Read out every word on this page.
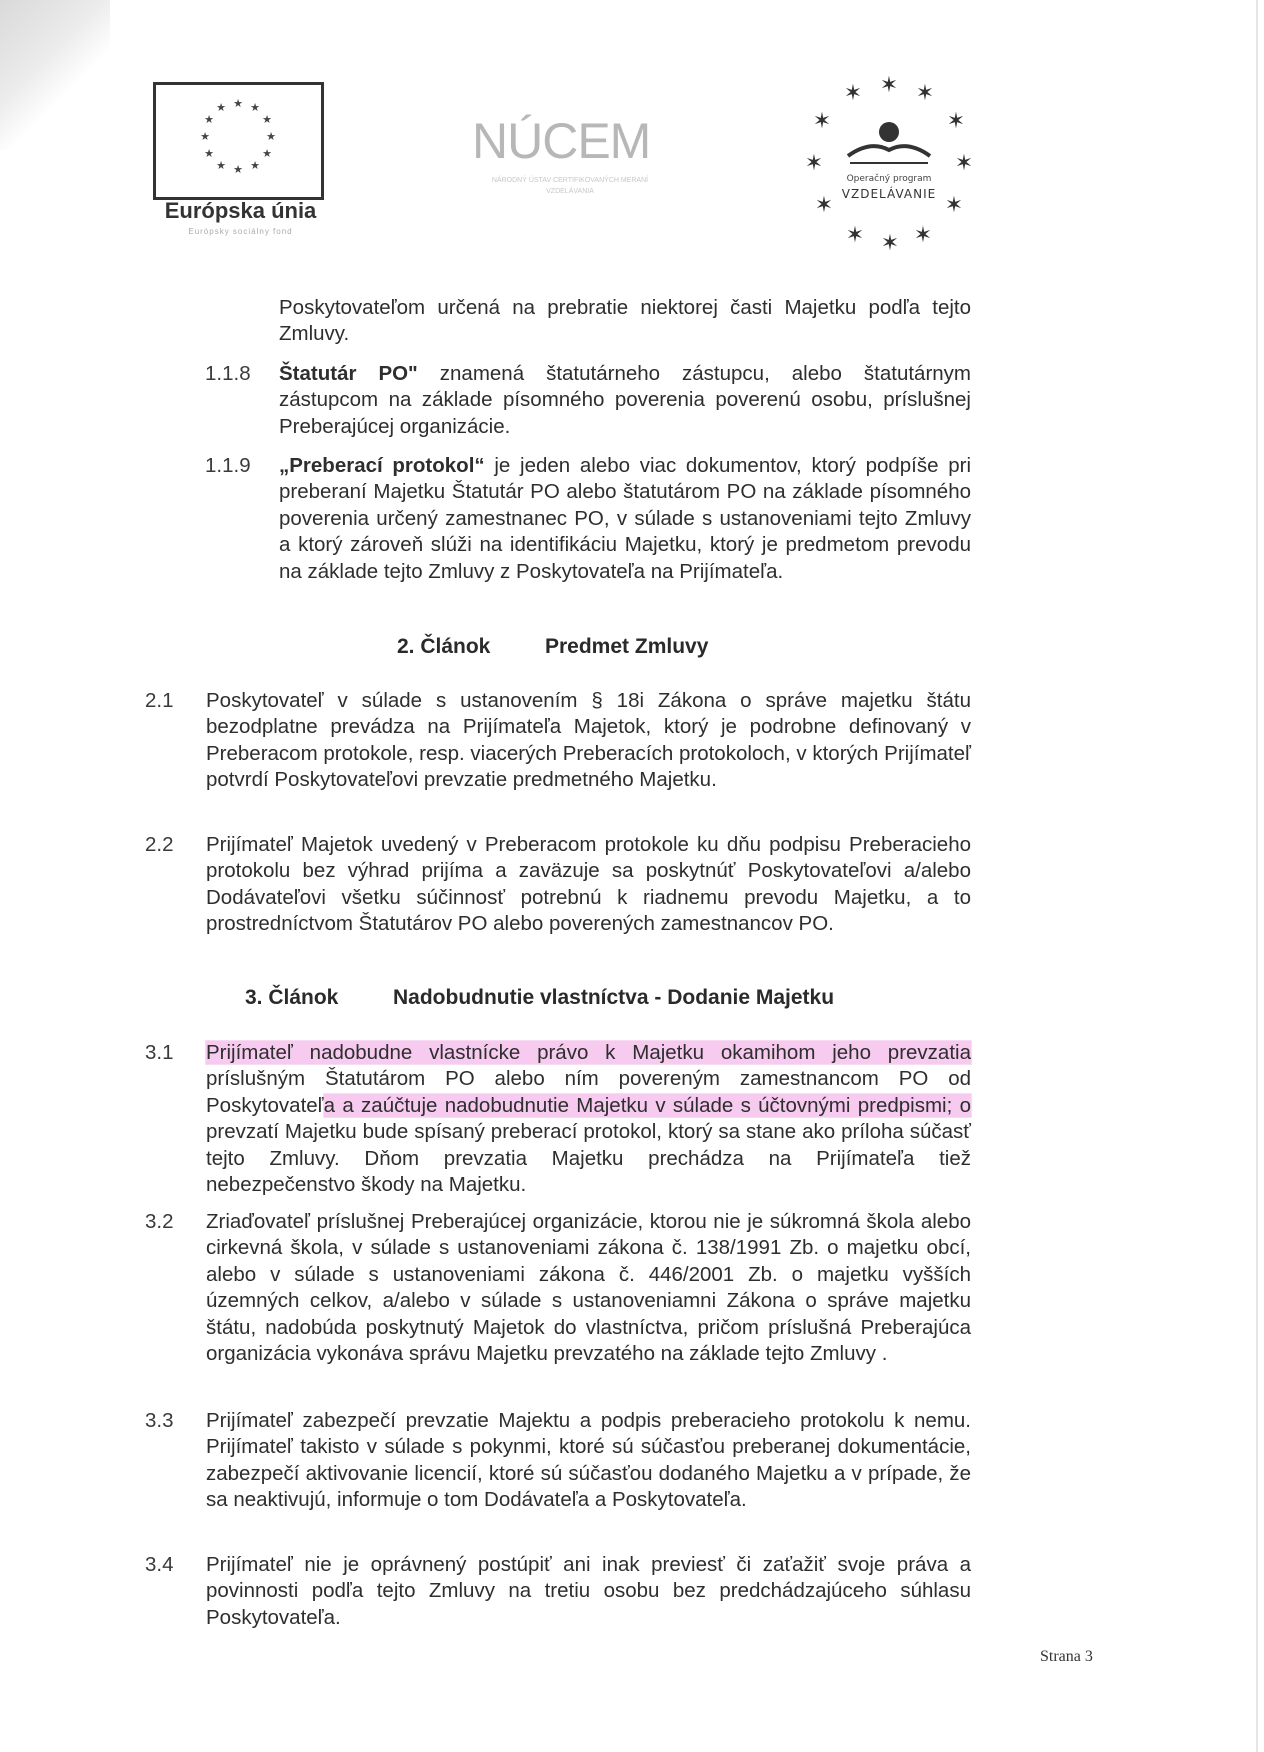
★ ★
★
★
★
★
★
★
★
★
★
★
Európska únia
Európsky sociálny fond
NÚCEM
NÁRODNÝ ÚSTAV CERTIFIKOVANÝCH MERANÍ VZDELÁVANIA
✶ ✶ ✶
✶	✶
✶	✶
✶	✶
✶ ✶ ✶
Operačný program
VZDELÁVANIE
Poskytovateľom určená na prebratie niektorej časti Majetku podľa tejto Zmluvy.
1.1.8 Štatutár PO" znamená štatutárneho zástupcu, alebo štatutárnym zástupcom na základe písomného poverenia poverenú osobu, príslušnej Preberajúcej organizácie.
1.1.9 „Preberací protokol“ je jeden alebo viac dokumentov, ktorý podpíše pri preberaní Majetku Štatutár PO alebo štatutárom PO na základe písomného poverenia určený zamestnanec PO, v súlade s ustanoveniami tejto Zmluvy a ktorý zároveň slúži na identifikáciu Majetku, ktorý je predmetom prevodu na základe tejto Zmluvy z Poskytovateľa na Prijímateľa.
2. Článok	Predmet Zmluvy
2.1 Poskytovateľ v súlade s ustanovením § 18i Zákona o správe majetku štátu bezodplatne prevádza na Prijímateľa Majetok, ktorý je podrobne definovaný v Preberacom protokole, resp. viacerých Preberacích protokoloch, v ktorých Prijímateľ potvrdí Poskytovateľovi prevzatie predmetného Majetku.
2.2 Prijímateľ Majetok uvedený v Preberacom protokole ku dňu podpisu Preberacieho protokolu bez výhrad prijíma a zaväzuje sa poskytnúť Poskytovateľovi a/alebo Dodávateľovi všetku súčinnosť potrebnú k riadnemu prevodu Majetku, a to prostredníctvom Štatutárov PO alebo poverených zamestnancov PO.
3. Článok	Nadobudnutie vlastníctva - Dodanie Majetku
3.1 Prijímateľ nadobudne vlastnícke právo k Majetku okamihom jeho prevzatia príslušným Štatutárom PO alebo ním povereným zamestnancom PO od Poskytovateľa a zaúčtuje nadobudnutie Majetku v súlade s účtovnými predpismi; o prevzatí Majetku bude spísaný preberací protokol, ktorý sa stane ako príloha súčasť tejto Zmluvy. Dňom prevzatia Majetku prechádza na Prijímateľa tiež nebezpečenstvo škody na Majetku.
3.2 Zriaďovateľ príslušnej Preberajúcej organizácie, ktorou nie je súkromná škola alebo cirkevná škola, v súlade s ustanoveniami zákona č. 138/1991 Zb. o majetku obcí, alebo v súlade s ustanoveniami zákona č. 446/2001 Zb. o majetku vyšších územných celkov, a/alebo v súlade s ustanoveniamni Zákona o správe majetku štátu, nadobúda poskytnutý Majetok do vlastníctva, pričom príslušná Preberajúca organizácia vykonáva správu Majetku prevzatého na základe tejto Zmluvy .
3.3 Prijímateľ zabezpečí prevzatie Majektu a podpis preberacieho protokolu k nemu. Prijímateľ takisto v súlade s pokynmi, ktoré sú súčasťou preberanej dokumentácie, zabezpečí aktivovanie licencií, ktoré sú súčasťou dodaného Majetku a v prípade, že sa neaktivujú, informuje o tom Dodávateľa a Poskytovateľa.
3.4 Prijímateľ nie je oprávnený postúpiť ani inak previesť či zaťažiť svoje práva a povinnosti podľa tejto Zmluvy na tretiu osobu bez predchádzajúceho súhlasu Poskytovateľa.
Strana 3
